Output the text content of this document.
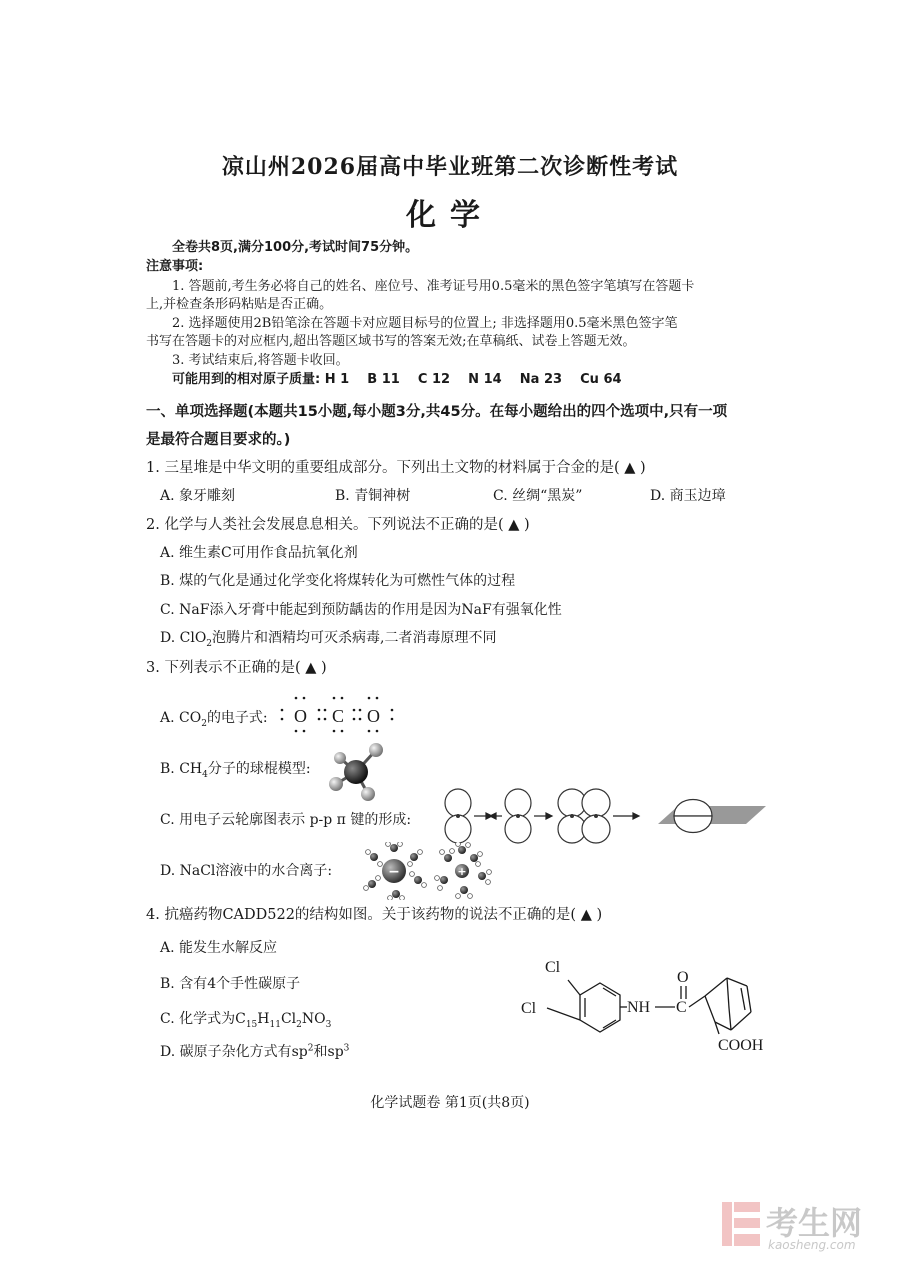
凉山州2026届高中毕业班第二次诊断性考试
化学
全卷共8页,满分100分,考试时间75分钟。
注意事项:
1. 答题前,考生务必将自己的姓名、座位号、准考证号用0.5毫米的黑色签字笔填写在答题卡
上,并检查条形码粘贴是否正确。
2. 选择题使用2B铅笔涂在答题卡对应题目标号的位置上; 非选择题用0.5毫米黑色签字笔
书写在答题卡的对应框内,超出答题区域书写的答案无效;在草稿纸、试卷上答题无效。
3. 考试结束后,将答题卡收回。
可能用到的相对原子质量: H 1    B 11    C 12    N 14    Na 23    Cu 64
一、单项选择题(本题共15小题,每小题3分,共45分。在每小题给出的四个选项中,只有一项
是最符合题目要求的。)
1. 三星堆是中华文明的重要组成部分。下列出土文物的材料属于合金的是( ▲ )
A. 象牙雕刻	B. 青铜神树	C. 丝绸“黑炭”	D. 商玉边璋
2. 化学与人类社会发展息息相关。下列说法不正确的是( ▲ )
A. 维生素C可用作食品抗氧化剂
B. 煤的气化是通过化学变化将煤转化为可燃性气体的过程
C. NaF添入牙膏中能起到预防龋齿的作用是因为NaF有强氧化性
D. ClO$_2$泡腾片和酒精均可灭杀病毒,二者消毒原理不同
3. 下列表示不正确的是( ▲ )
A. $CO_2$的电子式: O C O
B. $CH_4$分子的球棍模型:
C. 用电子云轮廓图表示 p-p π 键的形成:
D. NaCl溶液中的水合离子:	−	+
4. 抗癌药物CADD522的结构如图。关于该药物的说法不正确的是( ▲ )
A. 能发生水解反应
B. 含有4个手性碳原子
C. 化学式为$C_{15}H_{11}Cl_2NO_3$
D. 碳原子杂化方式有$sp^2$和$sp^3$
Cl
Cl	NH
O
C
COOH
化学试题卷 第1页(共8页)
考生网
kaosheng.com
